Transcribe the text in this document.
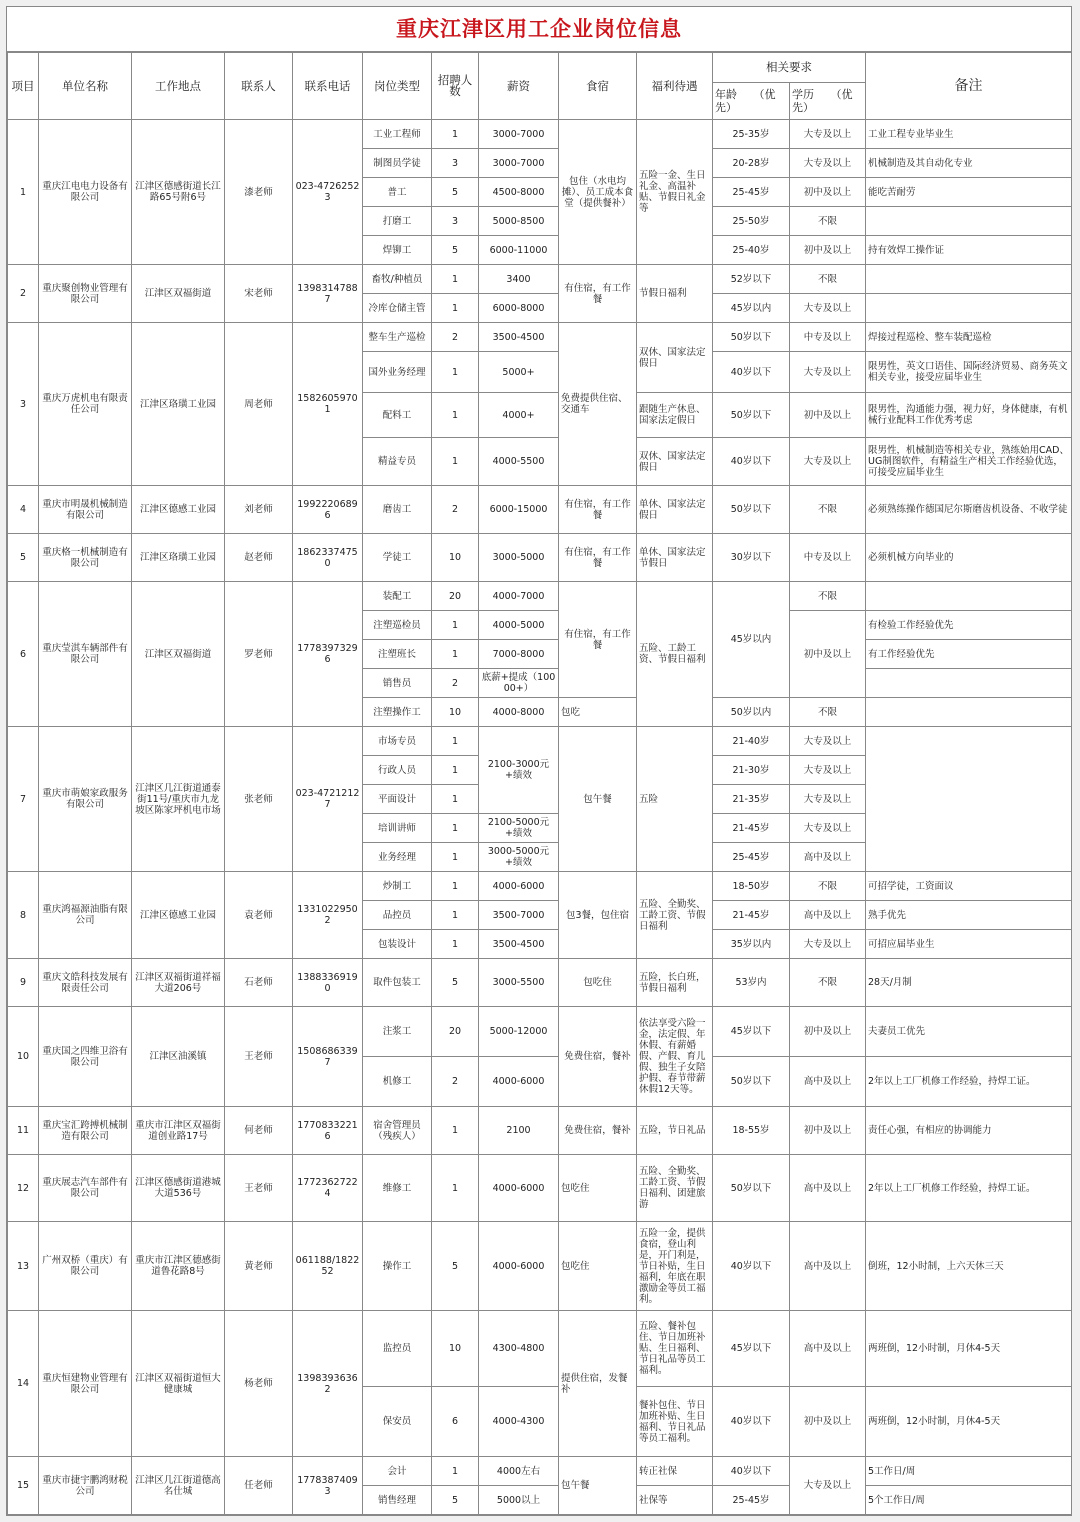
重庆江津区用工企业岗位信息
项目	单位名称	工作地点	联系人	联系电话	岗位类型	招聘人数	薪资	食宿	福利待遇	相关要求		备注
										年龄　　（优先）	学历　　（优先）	
1	重庆江电电力设备有限公司	江津区德感街道长江路65号附6号	漆老师	023-47262523	工业工程师	1	3000-7000	包住（水电均摊）、员工成本食堂（提供餐补）	五险一金、生日礼金、高温补贴、节假日礼金等	25-35岁	大专及以上	工业工程专业毕业生
					制图员学徒	3	3000-7000			20-28岁	大专及以上	机械制造及其自动化专业
					普工	5	4500-8000			25-45岁	初中及以上	能吃苦耐劳
					打磨工	3	5000-8500			25-50岁	不限	
					焊铆工	5	6000-11000			25-40岁	初中及以上	持有效焊工操作证
2	重庆聚创物业管理有限公司	江津区双福街道	宋老师	13983147887	畜牧/种植员	1	3400	有住宿，有工作餐	节假日福利	52岁以下	不限	
					冷库仓储主管	1	6000-8000			45岁以内	大专及以上	
3	重庆万虎机电有限责任公司	江津区珞璜工业园	周老师	15826059701	整车生产巡检	2	3500-4500	免费提供住宿、交通车	双休、国家法定假日	50岁以下	中专及以上	焊接过程巡检、整车装配巡检
					国外业务经理	1	5000+			40岁以下	大专及以上	限男性，英文口语佳、国际经济贸易、商务英文相关专业，接受应届毕业生
					配料工	1	4000+		跟随生产休息、国家法定假日	50岁以下	初中及以上	限男性，沟通能力强，视力好，身体健康，有机械行业配料工作优秀考虑
					精益专员	1	4000-5500		双休、国家法定假日	40岁以下	大专及以上	限男性，机械制造等相关专业，熟练始用CAD、UG制图软件，有精益生产相关工作经验优选，可接受应届毕业生
4	重庆市明晟机械制造有限公司	江津区德感工业园	刘老师	19922206896	磨齿工	2	6000-15000	有住宿，有工作餐	单休、国家法定假日	50岁以下	不限	必须熟练操作德国尼尔斯磨齿机设备、不收学徒
5	重庆格一机械制造有限公司	江津区珞璜工业园	赵老师	18623374750	学徒工	10	3000-5000	有住宿，有工作餐	单休、国家法定节假日	30岁以下	中专及以上	必须机械方向毕业的
6	重庆莹淇车辆部件有限公司	江津区双福街道	罗老师	17783973296	装配工	20	4000-7000	有住宿，有工作餐	五险、工龄工资、节假日福利	45岁以内	不限	
					注塑巡检员	1	4000-5000				初中及以上	有检验工作经验优先
					注塑班长	1	7000-8000					有工作经验优先
					销售员	2	底薪+提成（10000+）					
					注塑操作工	10	4000-8000	包吃		50岁以内	不限	
7	重庆市萌娘家政服务有限公司	江津区几江街道通泰街11号/重庆市九龙坡区陈家坪机电市场	张老师	023-47212127	市场专员	1	2100-3000元+绩效	包午餐	五险	21-40岁	大专及以上	
					行政人员	1				21-30岁	大专及以上	
					平面设计	1				21-35岁	大专及以上	
					培训讲师	1	2100-5000元+绩效			21-45岁	大专及以上	
					业务经理	1	3000-5000元+绩效			25-45岁	高中及以上	
8	重庆鸿福源油脂有限公司	江津区德感工业园	袁老师	13310229502	炒制工	1	4000-6000	包3餐，包住宿	五险、全勤奖、工龄工资、节假日福利	18-50岁	不限	可招学徒，工资面议
					品控员	1	3500-7000			21-45岁	高中及以上	熟手优先
					包装设计	1	3500-4500			35岁以内	大专及以上	可招应届毕业生
9	重庆文皓科技发展有限责任公司	江津区双福街道祥福大道206号	石老师	13883369190	取件包装工	5	3000-5500	包吃住	五险，长白班，节假日福利	53岁内	不限	28天/月制
10	重庆国之四维卫浴有限公司	江津区油溪镇	王老师	15086863397	注浆工	20	5000-12000	免费住宿，餐补	依法享受六险一金，法定假、年休假、有薪婚假、产假、育儿假、独生子女陪护假、春节带薪休假12天等。	45岁以下	初中及以上	夫妻员工优先
					机修工	2	4000-6000			50岁以下	高中及以上	2年以上工厂机修工作经验，持焊工证。
11	重庆宝汇跨搏机械制造有限公司	重庆市江津区双福街道创业路17号	何老师	17708332216	宿舍管理员（残疾人）	1	2100	免费住宿，餐补	五险，节日礼品	18-55岁	初中及以上	责任心强，有相应的协调能力
12	重庆展志汽车部件有限公司	江津区德感街道港城大道536号	王老师	17723627224	维修工	1	4000-6000	包吃住	五险、全勤奖、工龄工资、节假日福利、团建旅游	50岁以下	高中及以上	2年以上工厂机修工作经验，持焊工证。
13	广州双桥（重庆）有限公司	重庆市江津区德感街道鲁花路8号	黄老师	061188/182252	操作工	5	4000-6000	包吃住	五险一金，提供食宿，登山利是，开门利是，节日补贴，生日福利，年底在职激励金等员工福利。	40岁以下	高中及以上	倒班，12小时制，上六天休三天
14	重庆恒建物业管理有限公司	江津区双福街道恒大健康城	杨老师	13983936362	监控员	10	4300-4800	提供住宿，发餐补	五险、餐补包住、节日加班补贴、生日福利、节日礼品等员工福利。	45岁以下	高中及以上	两班倒，12小时制，月休4-5天
					保安员	6	4000-4300		餐补包住、节日加班补贴、生日福利、节日礼品等员工福利。	40岁以下	初中及以上	两班倒，12小时制，月休4-5天
15	重庆市捷宇鹏鸿财税公司	江津区几江街道德高名仕城	任老师	17783874093	会计	1	4000左右	包午餐	转正社保	40岁以下	大专及以上	5工作日/周
					销售经理	5	5000以上		社保等	25-45岁		5个工作日/周
